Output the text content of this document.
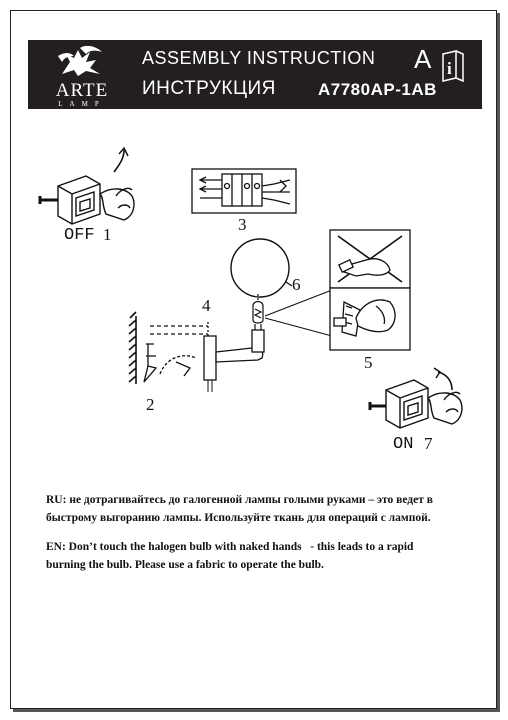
ARTE
LAMP
ASSEMBLY INSTRUCTION
ИНСТРУКЦИЯ
A i
A7780AP-1AB
OFF 1
2
3
4
5
6
ON 7

RU: не дотрагивайтесь до галогенной лампы голыми руками – это ведет в

быстрому выгоранию лампы. Используйте ткань для операций с лампой.

EN: Don’t touch the halogen bulb with naked hands   - this leads to a rapid

burning the bulb. Please use a fabric to operate the bulb.
